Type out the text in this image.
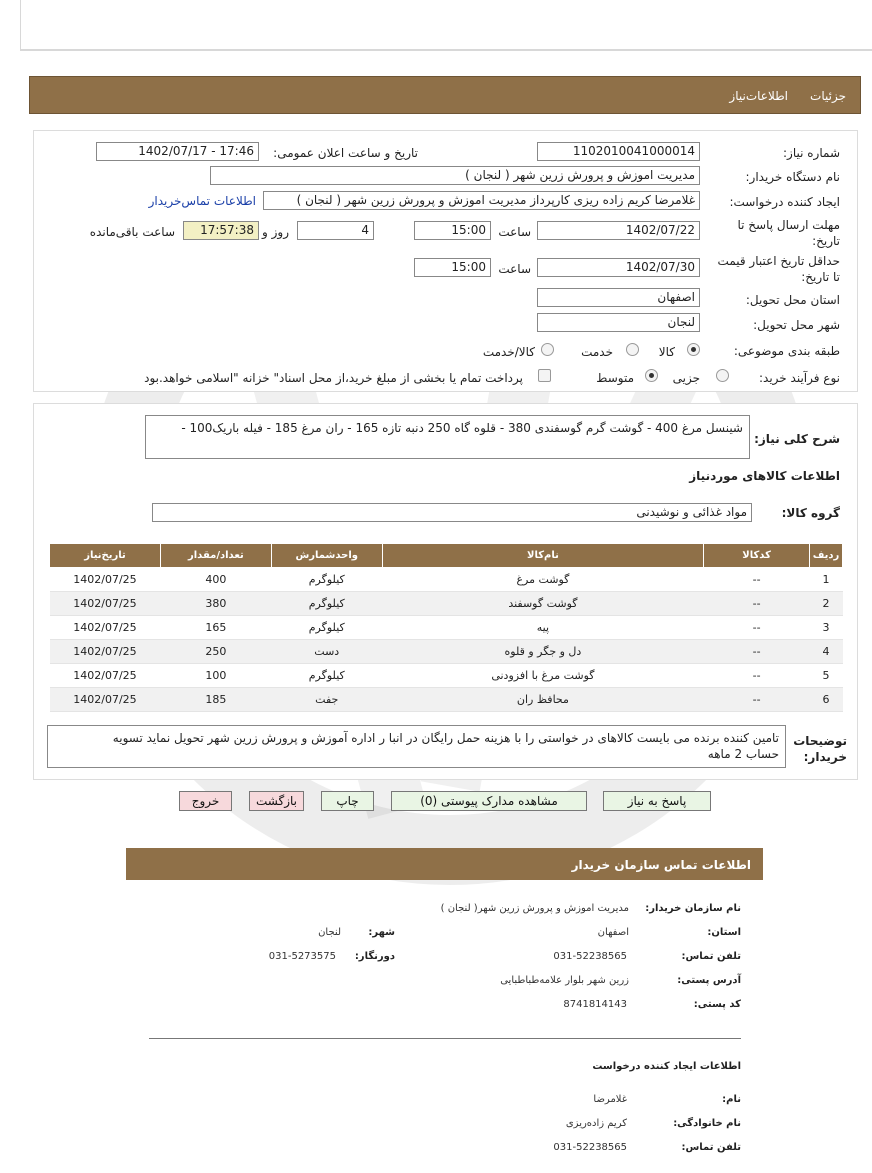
جزئیات
اطلاعات‌نیاز
شماره نیاز:
1102010041000014
تاریخ و ساعت اعلان عمومی:
1402/07/17 - 17:46
نام دستگاه خریدار:
مدیریت اموزش و پرورش زرین شهر ( لنجان )
ایجاد کننده درخواست:
غلامرضا کریم زاده ریزی کارپرداز مدیریت اموزش و پرورش زرین شهر ( لنجان )
اطلاعات تماس‌خریدار
مهلت ارسال پاسخ تا تاریخ:
1402/07/22
ساعت
15:00
4
روز و
17:57:38
ساعت باقی‌مانده
حداقل تاریخ اعتبار قیمت تا تاریخ:
1402/07/30
ساعت
15:00
استان محل تحویل:
اصفهان
شهر محل تحویل:
لنجان
طبقه بندی موضوعی:
کالا
خدمت
کالا/خدمت
نوع فرآیند خرید:
جزیی
متوسط
پرداخت تمام یا بخشی از مبلغ خرید،از محل اسناد" خزانه "اسلامی خواهد.بود
شرح کلی نیاز:
شینسل مرغ 400 - گوشت گرم گوسفندی 380 - قلوه گاه 250 دنبه تازه 165 - ران مرغ 185 - فیله باریک100 -
اطلاعات کالاهای موردنیاز
گروه کالا:
مواد غذائی و نوشیدنی
ردیف	کدکالا	نام‌کالا	واحدشمارش	تعداد/مقدار	تاریخ‌نیاز
1	--	گوشت مرغ	کیلوگرم	400	1402/07/25
2	--	گوشت گوسفند	کیلوگرم	380	1402/07/25
3	--	پیه	کیلوگرم	165	1402/07/25
4	--	دل و جگر و قلوه	دست	250	1402/07/25
5	--	گوشت مرغ با افزودنی	کیلوگرم	100	1402/07/25
6	--	محافظ ران	جفت	185	1402/07/25
توضیحات
خریدار:
تامین کننده برنده می بایست کالاهای در خواستی را با هزینه حمل رایگان در انبا ر اداره آموزش و پرورش زرین شهر تحویل نماید تسویه
حساب 2 ماهه
پاسخ به نیاز
مشاهده مدارک پیوستی (0)
چاپ
بازگشت
خروج
اطلاعات تماس سازمان خریدار
نام سازمان خریدار:
مدیریت اموزش و پرورش زرین شهر( لنجان )
استان:
اصفهان
شهر:
لنجان
تلفن تماس:
031-52238565
دورنگار:
031-5273575
آدرس پستی:
زرین شهر بلوار علامه‌طباطبایی
کد پستی:
8741814143
اطلاعات ایجاد کننده درخواست
نام:
غلامرضا
نام خانوادگی:
کریم زاده‌ریزی
تلفن تماس:
031-52238565
